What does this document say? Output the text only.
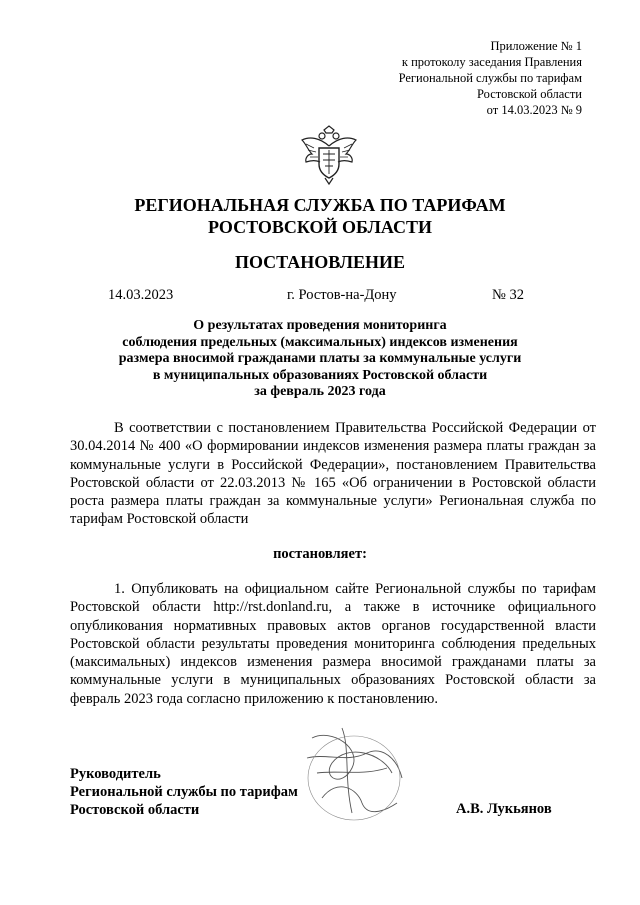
Приложение № 1
к протоколу заседания Правления
Региональной службы по тарифам
Ростовской области
от 14.03.2023 № 9
РЕГИОНАЛЬНАЯ СЛУЖБА ПО ТАРИФАМ
РОСТОВСКОЙ ОБЛАСТИ
ПОСТАНОВЛЕНИЕ
14.03.2023	г. Ростов-на-Дону	№ 32
О результатах проведения мониторинга
соблюдения предельных (максимальных) индексов изменения
размера вносимой гражданами платы за коммунальные услуги
в муниципальных образованиях Ростовской области
за февраль 2023 года
В соответствии с постановлением Правительства Российской Федерации от 30.04.2014 № 400 «О формировании индексов изменения размера платы граждан за коммунальные услуги в Российской Федерации», постановлением Правительства Ростовской области от 22.03.2013 № 165 «Об ограничении в Ростовской области роста размера платы граждан за коммунальные услуги» Региональная служба по тарифам Ростовской области
постановляет:
1. Опубликовать на официальном сайте Региональной службы по тарифам Ростовской области http://rst.donland.ru, а также в источнике официального опубликования нормативных правовых актов органов государственной власти Ростовской области результаты проведения мониторинга соблюдения предельных (максимальных) индексов изменения размера вносимой гражданами платы за коммунальные услуги в муниципальных образованиях Ростовской области за февраль 2023 года согласно приложению к постановлению.
Руководитель
Региональной службы по тарифам
Ростовской области	А.В. Лукьянов
